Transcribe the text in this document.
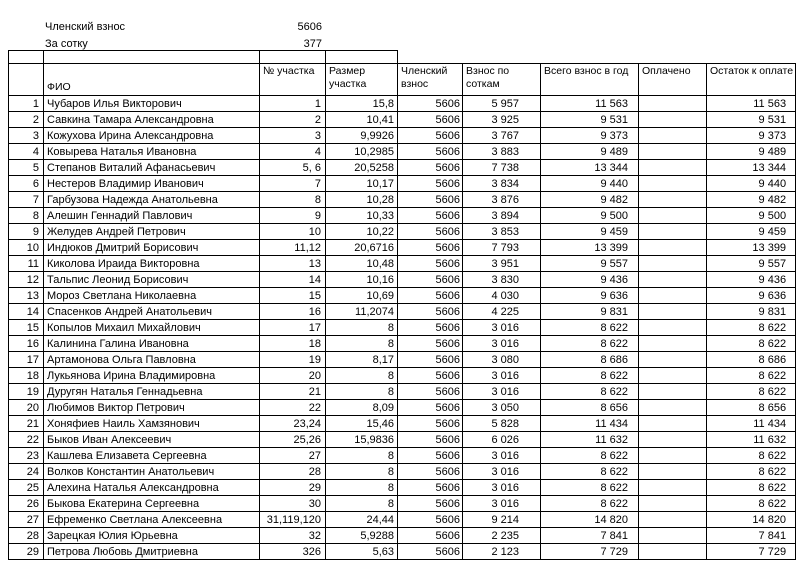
Членский взнос	5606
За сотку	377

	ФИО	№ участка	Размер участка	Членский взнос	Взнос по соткам	Всего взнос в год	Оплачено	Остаток к оплате
1	Чубаров Илья Викторович	1	15,8	5606	5 957	11 563		11 563
2	Савкина Тамара Александровна	2	10,41	5606	3 925	9 531		9 531
3	Кожухова Ирина Александровна	3	9,9926	5606	3 767	9 373		9 373
4	Ковырева Наталья Ивановна	4	10,2985	5606	3 883	9 489		9 489
5	Степанов Виталий Афанасьевич	5, 6	20,5258	5606	7 738	13 344		13 344
6	Нестеров Владимир Иванович	7	10,17	5606	3 834	9 440		9 440
7	Гарбузова Надежда Анатольевна	8	10,28	5606	3 876	9 482		9 482
8	Алешин Геннадий Павлович	9	10,33	5606	3 894	9 500		9 500
9	Желудев Андрей Петрович	10	10,22	5606	3 853	9 459		9 459
10	Индюков Дмитрий Борисович	11,12	20,6716	5606	7 793	13 399		13 399
11	Киколова Ираида Викторовна	13	10,48	5606	3 951	9 557		9 557
12	Тальпис Леонид Борисович	14	10,16	5606	3 830	9 436		9 436
13	Мороз Светлана Николаевна	15	10,69	5606	4 030	9 636		9 636
14	Спасенков Андрей Анатольевич	16	11,2074	5606	4 225	9 831		9 831
15	Копылов Михаил Михайлович	17	8	5606	3 016	8 622		8 622
16	Калинина Галина Ивановна	18	8	5606	3 016	8 622		8 622
17	Артамонова Ольга Павловна	19	8,17	5606	3 080	8 686		8 686
18	Лукьянова Ирина Владимировна	20	8	5606	3 016	8 622		8 622
19	Дуругян Наталья Геннадьевна	21	8	5606	3 016	8 622		8 622
20	Любимов Виктор Петрович	22	8,09	5606	3 050	8 656		8 656
21	Хоняфиев Наиль Хамзянович	23,24	15,46	5606	5 828	11 434		11 434
22	Быков Иван Алексеевич	25,26	15,9836	5606	6 026	11 632		11 632
23	Кашлева Елизавета Сергеевна	27	8	5606	3 016	8 622		8 622
24	Волков Константин Анатольевич	28	8	5606	3 016	8 622		8 622
25	Алехина Наталья Александровна	29	8	5606	3 016	8 622		8 622
26	Быкова Екатерина Сергеевна	30	8	5606	3 016	8 622		8 622
27	Ефременко Светлана Алексеевна	31,119,120	24,44	5606	9 214	14 820		14 820
28	Зарецкая Юлия Юрьевна	32	5,9288	5606	2 235	7 841		7 841
29	Петрова Любовь Дмитриевна	326	5,63	5606	2 123	7 729		7 729
